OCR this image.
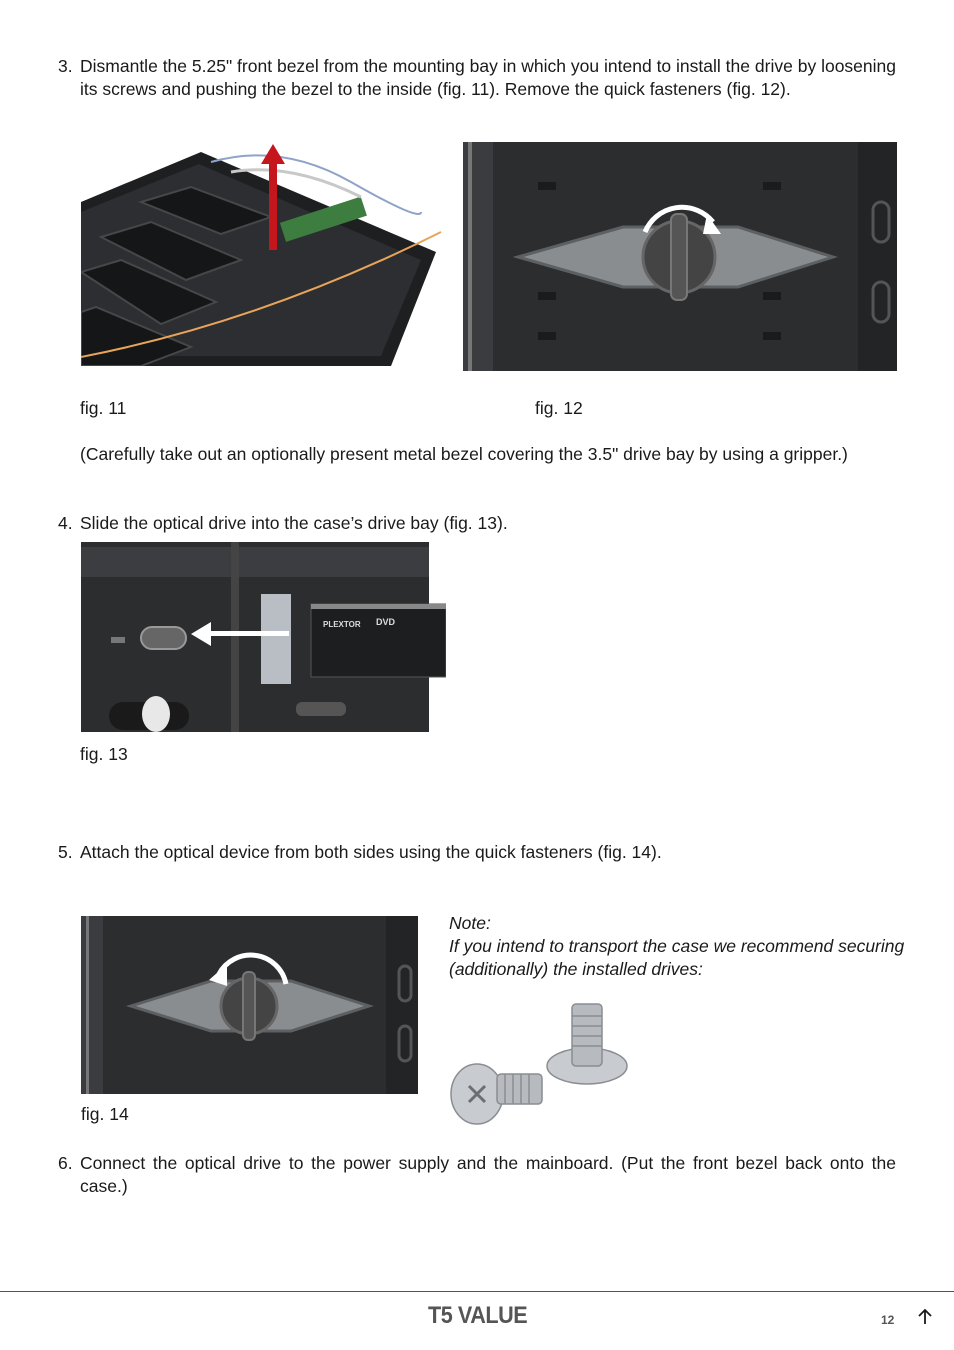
3. Dismantle the 5.25" front bezel from the mounting bay in which you intend to install the drive by loosening its screws and pushing the bezel to the inside (fig. 11). Remove the quick fasteners (fig. 12).
fig. 11	fig. 12
(Carefully take out an optionally present metal bezel covering the 3.5" drive bay by using a gripper.)
4. Slide the optical drive into the case’s drive bay (fig. 13).
PLEXTOR DVD
fig. 13
5. Attach the optical device from both sides using the quick fasteners (fig. 14).
fig. 14
Note:
If you intend to transport the case we recommend securing (additionally) the installed drives:
6. Connect the optical drive to the power supply and the mainboard. (Put the front bezel back onto the case.)
T5 VALUE	12
